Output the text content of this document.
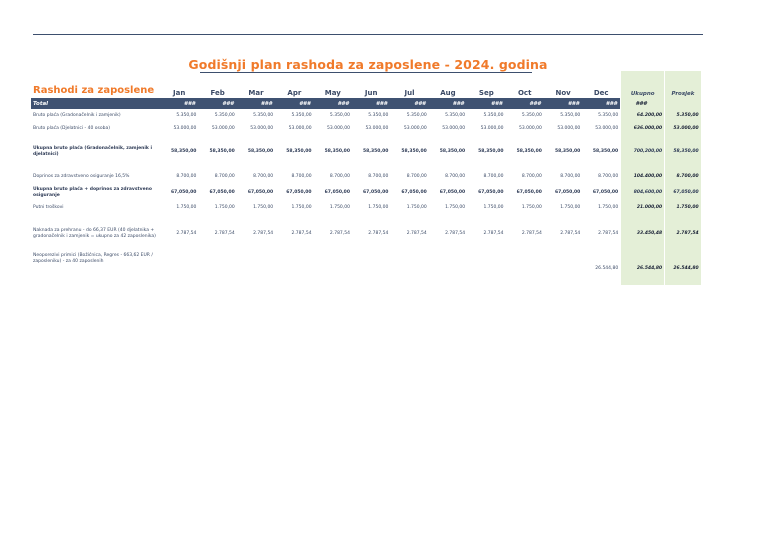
Godišnji plan rashoda za zaposlene - 2024. godina
Rashodi za zaposlene	Jan	Feb	Mar	Apr	May	Jun	Jul	Aug	Sep	Oct	Nov	Dec	Ukupno	Prosjek
Total	###	###	###	###	###	###	###	###	###	###	###	###	###	
Bruto plaća (Gradonačelnik i zamjenik)	5.350,00	5.350,00	5.350,00	5.350,00	5.350,00	5.350,00	5.350,00	5.350,00	5.350,00	5.350,00	5.350,00	5.350,00	64.200,00	5.350,00
Bruto plaća (Djelatnici - 40 osoba)	53.000,00	53.000,00	53.000,00	53.000,00	53.000,00	53.000,00	53.000,00	53.000,00	53.000,00	53.000,00	53.000,00	53.000,00	636.000,00	53.000,00
Ukupna bruto plaća (Gradonačelnik, zamjenik i djelatnici)	58,350,00	58,350,00	58,350,00	58,350,00	58,350,00	58,350,00	58,350,00	58,350,00	58,350,00	58,350,00	58,350,00	58,350,00	700,200,00	58,350,00
Doprinos za zdravstveno osiguranje 16,5%	8.700,00	8.700,00	8.700,00	8.700,00	8.700,00	8.700,00	8.700,00	8.700,00	8.700,00	8.700,00	8.700,00	8.700,00	104.400,00	8.700,00
Ukupna bruto plaća + doprinos za zdravstveno osiguranje	67,050,00	67,050,00	67,050,00	67,050,00	67,050,00	67,050,00	67,050,00	67,050,00	67,050,00	67,050,00	67,050,00	67,050,00	804,600,00	67,050,00
Putni troškovi	1.750,00	1.750,00	1.750,00	1.750,00	1.750,00	1.750,00	1.750,00	1.750,00	1.750,00	1.750,00	1.750,00	1.750,00	21.000,00	1.750,00
Naknada za prehranu - do 66,37 EUR (40 djelatnika + gradonačelnik i zamjenik = ukupno za 42 zaposlenika)	2.787,54	2.787,54	2.787,54	2.787,54	2.787,54	2.787,54	2.787,54	2.787,54	2.787,54	2.787,54	2.787,54	2.787,54	33.450,48	2.787,54
Neoporezivi primici (Božićnica, Regres - 663,62 EUR / zaposleniku) - za 40 zaposlenih												26.544,80	26.544,80	26.544,80
